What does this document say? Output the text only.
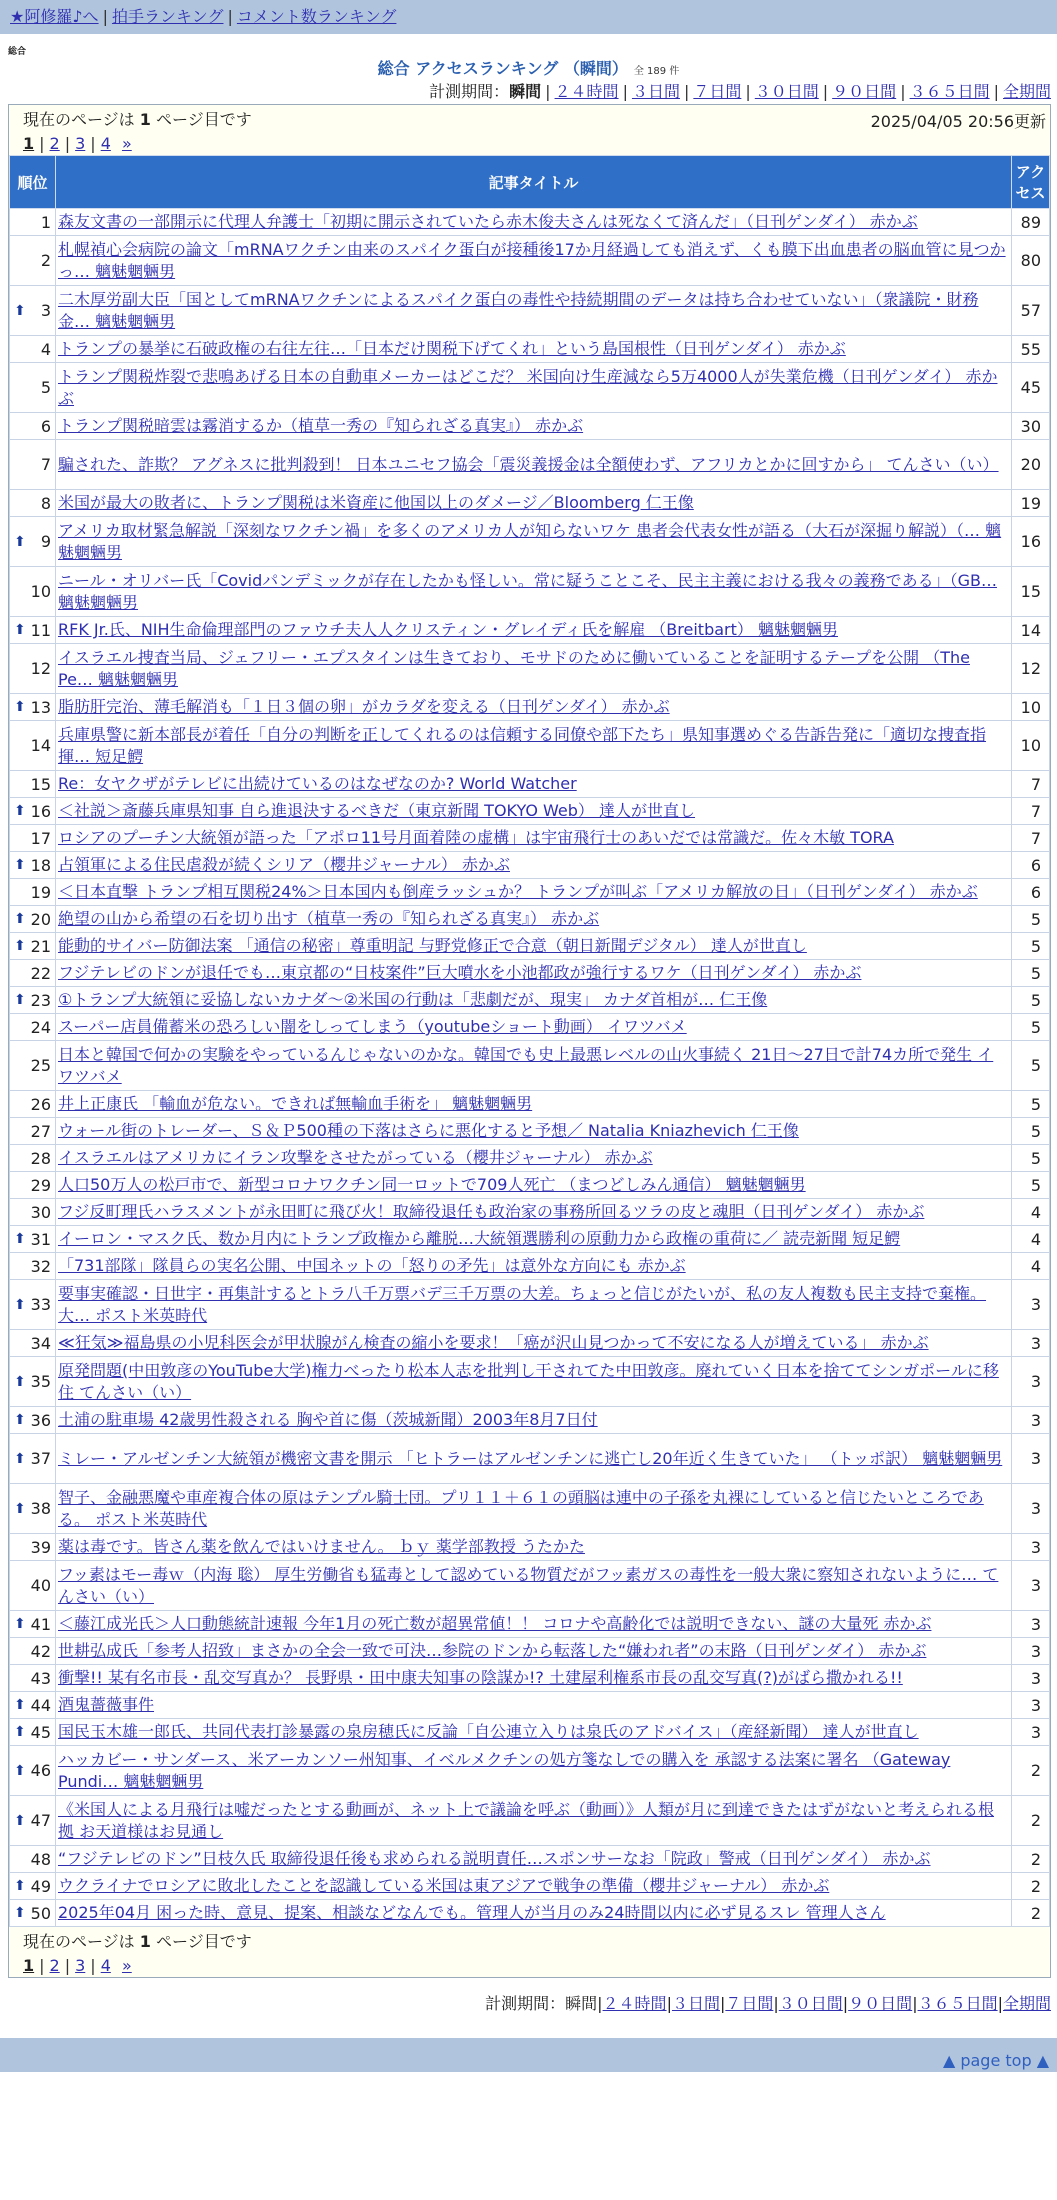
★阿修羅♪へ | 拍手ランキング | コメント数ランキング
総合
総合 アクセスランキング （瞬間） 全 189 件
計測期間：瞬間 | ２４時間 | ３日間 | ７日間 | ３０日間 | ９０日間 | ３６５日間 | 全期間
現在のページは 1 ページ目です	2025/04/05 20:56更新
1 | 2 | 3 | 4 »
順位	記事タイトル	アクセス
1	森友文書の一部開示に代理人弁護士「初期に開示されていたら赤木俊夫さんは死なくて済んだ」（日刊ゲンダイ） 赤かぶ	89
2	札幌禎心会病院の論文「mRNAワクチン由来のスパイク蛋白が接種後17か月経過しても消えず、くも膜下出血患者の脳血管に見つかっ… 魑魅魍魎男	80

⬆ 3	二木厚労副大臣「国としてmRNAワクチンによるスパイク蛋白の毒性や持続期間のデータは持ち合わせていない」（衆議院・財務金… 魑魅魍魎男	57
4	トランプの暴挙に石破政権の右往左往…「日本だけ関税下げてくれ」という島国根性（日刊ゲンダイ） 赤かぶ	55
5	トランプ関税炸裂で悲鳴あげる日本の自動車メーカーはどこだ？ 米国向け生産減なら5万4000人が失業危機（日刊ゲンダイ） 赤かぶ	45
6	トランプ関税暗雲は霧消するか（植草一秀の『知られざる真実』） 赤かぶ	30
7	騙された、詐欺？ アグネスに批判殺到！ 日本ユニセフ協会「震災義援金は全額使わず、アフリカとかに回すから」 てんさい（い）	20
8	米国が最大の敗者に、トランプ関税は米資産に他国以上のダメージ／Bloomberg 仁王像	19

⬆ 9	アメリカ取材緊急解説「深刻なワクチン禍」を多くのアメリカ人が知らないワケ 患者会代表女性が語る（大石が深掘り解説）（… 魑魅魍魎男	16
10	ニール・オリバー氏「Covidパンデミックが存在したかも怪しい。常に疑うことこそ、民主主義における我々の義務である」（GB… 魑魅魍魎男	15

⬆ 11	RFK Jr.氏、NIH生命倫理部門のファウチ夫人人クリスティン・グレイディ氏を解雇 （Breitbart） 魑魅魍魎男	14
12	イスラエル捜査当局、ジェフリー・エプスタインは生きており、モサドのために働いていることを証明するテープを公開 （The Pe… 魑魅魍魎男	12

⬆ 13	脂肪肝完治、薄毛解消も「１日３個の卵」がカラダを変える（日刊ゲンダイ） 赤かぶ	10
14	兵庫県警に新本部長が着任「自分の判断を正してくれるのは信頼する同僚や部下たち」県知事選めぐる告訴告発に「適切な捜査指揮… 短足鰐	10
15	Re：女ヤクザがテレビに出続けているのはなぜなのか? World Watcher	7

⬆ 16	＜社説＞斎藤兵庫県知事 自ら進退決するべきだ（東京新聞 TOKYO Web） 達人が世直し	7
17	ロシアのプーチン大統領が語った「アポロ11号月面着陸の虚構」は宇宙飛行士のあいだでは常識だ。佐々木敏 TORA	7

⬆ 18	占領軍による住民虐殺が続くシリア（櫻井ジャーナル） 赤かぶ	6
19	＜日本直撃 トランプ相互関税24%＞日本国内も倒産ラッシュか？ トランプが叫ぶ「アメリカ解放の日」（日刊ゲンダイ） 赤かぶ	6

⬆ 20	絶望の山から希望の石を切り出す（植草一秀の『知られざる真実』） 赤かぶ	5

⬆ 21	能動的サイバー防御法案 「通信の秘密」尊重明記 与野党修正で合意（朝日新聞デジタル） 達人が世直し	5
22	フジテレビのドンが退任でも…東京都の“日枝案件”巨大噴水を小池都政が強行するワケ（日刊ゲンダイ） 赤かぶ	5

⬆ 23	①トランプ大統領に妥協しないカナダ～②米国の行動は「悲劇だが、現実」 カナダ首相が… 仁王像	5
24	スーパー店員備蓄米の恐ろしい闇をしってしまう（youtubeショート動画） イワツバメ	5
25	日本と韓国で何かの実験をやっているんじゃないのかな。韓国でも史上最悪レベルの山火事続く 21日～27日で計74カ所で発生 イワツバメ	5
26	井上正康氏 「輸血が危ない。できれば無輸血手術を」 魑魅魍魎男	5
27	ウォール街のトレーダー、Ｓ＆Ｐ500種の下落はさらに悪化すると予想／ Natalia Kniazhevich 仁王像	5
28	イスラエルはアメリカにイラン攻撃をさせたがっている（櫻井ジャーナル） 赤かぶ	5
29	人口50万人の松戸市で、新型コロナワクチン同一ロットで709人死亡 （まつどしみん通信） 魑魅魍魎男	5
30	フジ反町理氏ハラスメントが永田町に飛び火！取締役退任も政治家の事務所回るツラの皮と魂胆（日刊ゲンダイ） 赤かぶ	4

⬆ 31	イーロン・マスク氏、数か月内にトランプ政権から離脱…大統領選勝利の原動力から政権の重荷に／ 読売新聞 短足鰐	4
32	「731部隊」隊員らの実名公開、中国ネットの「怒りの矛先」は意外な方向にも 赤かぶ	4

⬆ 33	要事実確認・日世宇・再集計するとトラ八千万票バデ三千万票の大差。ちょっと信じがたいが、私の友人複数も民主支持で棄権。大… ポスト米英時代	3
34	≪狂気≫福島県の小児科医会が甲状腺がん検査の縮小を要求！「癌が沢山見つかって不安になる人が増えている」 赤かぶ	3

⬆ 35	原発問題(中田敦彦のYouTube大学)権力べったり松本人志を批判し干されてた中田敦彦。廃れていく日本を捨ててシンガポールに移住 てんさい（い）	3

⬆ 36	土浦の駐車場 42歳男性殺される 胸や首に傷（茨城新聞）2003年8月7日付	3

⬆ 37	ミレー・アルゼンチン大統領が機密文書を開示 「ヒトラーはアルゼンチンに逃亡し20年近く生きていた」 （トッポ訳） 魑魅魍魎男	3

⬆ 38	智子、金融悪魔や車産複合体の原はテンプル騎士団。プリ１１＋６１の頭脳は連中の子孫を丸裸にしていると信じたいところである。 ポスト米英時代	3
39	薬は毒です。皆さん薬を飲んではいけません。 ｂｙ 薬学部教授 うたかた	3
40	フッ素はモー毒ｗ（内海 聡） 厚生労働省も猛毒として認めている物質だがフッ素ガスの毒性を一般大衆に察知されないように… てんさい（い）	3

⬆ 41	＜藤江成光氏＞人口動態統計速報 今年1月の死亡数が超異常値！！ コロナや高齢化では説明できない、謎の大量死 赤かぶ	3
42	世耕弘成氏「参考人招致」まさかの全会一致で可決…参院のドンから転落した“嫌われ者”の末路（日刊ゲンダイ） 赤かぶ	3
43	衝撃!! 某有名市長・乱交写真か？ 長野県・田中康夫知事の陰謀か!? 土建屋利権系市長の乱交写真(?)がばら撒かれる!!	3

⬆ 44	酒鬼薔薇事件	3

⬆ 45	国民玉木雄一郎氏、共同代表打診暴露の泉房穂氏に反論「自公連立入りは泉氏のアドバイス」（産経新聞） 達人が世直し	3

⬆ 46	ハッカビー・サンダース、米アーカンソー州知事、イベルメクチンの処方箋なしでの購入を 承認する法案に署名 （Gateway Pundi… 魑魅魍魎男	2

⬆ 47	《米国人による月飛行は嘘だったとする動画が、ネット上で議論を呼ぶ（動画）》人類が月に到達できたはずがないと考えられる根拠 お天道様はお見通し	2
48	“フジテレビのドン”日枝久氏 取締役退任後も求められる説明責任…スポンサーなお「院政」警戒（日刊ゲンダイ） 赤かぶ	2

⬆ 49	ウクライナでロシアに敗北したことを認識している米国は東アジアで戦争の準備（櫻井ジャーナル） 赤かぶ	2

⬆ 50	2025年04月 困った時、意見、提案、相談などなんでも。管理人が当月のみ24時間以内に必ず見るスレ 管理人さん	2
現在のページは 1 ページ目です
1 | 2 | 3 | 4 »
計測期間：瞬間|２４時間|３日間|７日間|３０日間|９０日間|３６５日間|全期間
▲ page top ▲
